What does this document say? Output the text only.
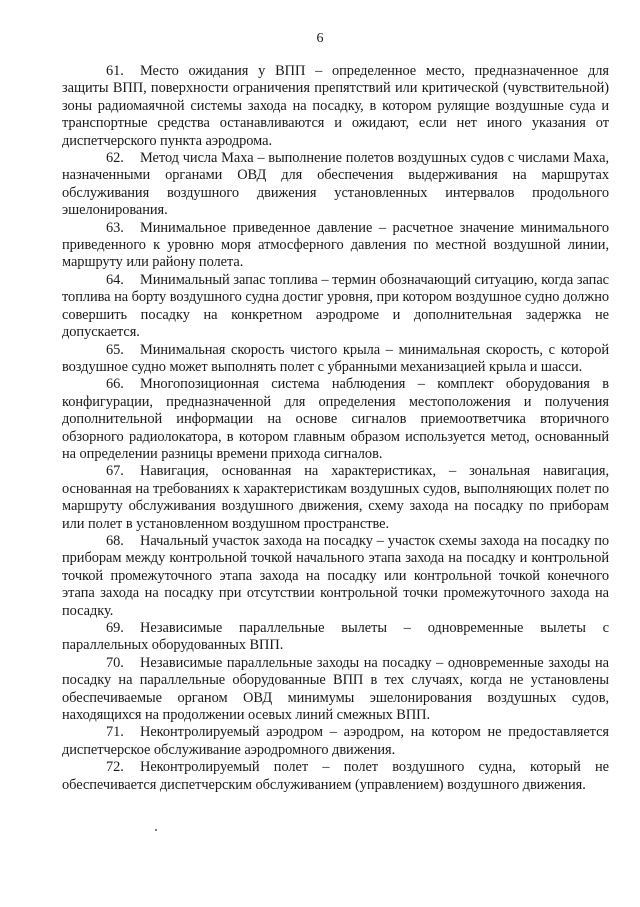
6

61. Место ожидания у ВПП – определенное место, предназначенное для защиты ВПП, поверхности ограничения препятствий или критической (чувствительной) зоны радиомаячной системы захода на посадку, в котором рулящие воздушные суда и транспортные средства останавливаются и ожидают, если нет иного указания от диспетчерского пункта аэродрома.

62. Метод числа Маха – выполнение полетов воздушных судов с числами Маха, назначенными органами ОВД для обеспечения выдерживания на маршрутах обслуживания воздушного движения установленных интервалов продольного эшелонирования.

63. Минимальное приведенное давление – расчетное значение минимального приведенного к уровню моря атмосферного давления по местной воздушной линии, маршруту или району полета.

64. Минимальный запас топлива – термин обозначающий ситуацию, когда запас топлива на борту воздушного судна достиг уровня, при котором воздушное судно должно совершить посадку на конкретном аэродроме и дополнительная задержка не допускается.

65. Минимальная скорость чистого крыла – минимальная скорость, с которой воздушное судно может выполнять полет с убранными механизацией крыла и шасси.

66. Многопозиционная система наблюдения – комплект оборудования в конфигурации, предназначенной для определения местоположения и получения дополнительной информации на основе сигналов приемоответчика вторичного обзорного радиолокатора, в котором главным образом используется метод, основанный на определении разницы времени прихода сигналов.

67. Навигация, основанная на характеристиках, – зональная навигация, основанная на требованиях к характеристикам воздушных судов, выполняющих полет по маршруту обслуживания воздушного движения, схему захода на посадку по приборам или полет в установленном воздушном пространстве.

68. Начальный участок захода на посадку – участок схемы захода на посадку по приборам между контрольной точкой начального этапа захода на посадку и контрольной точкой промежуточного этапа захода на посадку или контрольной точкой конечного этапа захода на посадку при отсутствии контрольной точки промежуточного захода на посадку.

69. Независимые параллельные вылеты – одновременные вылеты с параллельных оборудованных ВПП.

70. Независимые параллельные заходы на посадку – одновременные заходы на посадку на параллельные оборудованные ВПП в тех случаях, когда не установлены обеспечиваемые органом ОВД минимумы эшелонирования воздушных судов, находящихся на продолжении осевых линий смежных ВПП.

71. Неконтролируемый аэродром – аэродром, на котором не предоставляется диспетчерское обслуживание аэродромного движения.

72. Неконтролируемый полет – полет воздушного судна, который не обеспечивается диспетчерским обслуживанием (управлением) воздушного движения.
